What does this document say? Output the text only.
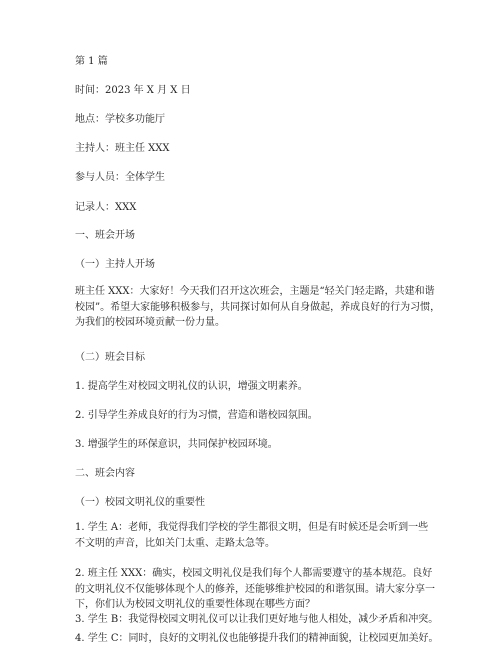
第 1 篇
时间：2023 年 X 月 X 日
地点：学校多功能厅
主持人：班主任 XXX
参与人员：全体学生
记录人：XXX
一、班会开场
（一）主持人开场
班主任 XXX：大家好！今天我们召开这次班会，主题是“轻关门轻走路，共建和谐
校园”。希望大家能够积极参与，共同探讨如何从自身做起，养成良好的行为习惯，
为我们的校园环境贡献一份力量。
（二）班会目标
1. 提高学生对校园文明礼仪的认识，增强文明素养。
2. 引导学生养成良好的行为习惯，营造和谐校园氛围。
3. 增强学生的环保意识，共同保护校园环境。
二、班会内容
（一）校园文明礼仪的重要性
1. 学生 A：老师，我觉得我们学校的学生都很文明，但是有时候还是会听到一些
不文明的声音，比如关门太重、走路太急等。
2. 班主任 XXX：确实，校园文明礼仪是我们每个人都需要遵守的基本规范。良好
的文明礼仪不仅能够体现个人的修养，还能够维护校园的和谐氛围。请大家分享一
下，你们认为校园文明礼仪的重要性体现在哪些方面？
3. 学生 B：我觉得校园文明礼仪可以让我们更好地与他人相处，减少矛盾和冲突。
4. 学生 C：同时，良好的文明礼仪也能够提升我们的精神面貌，让校园更加美好。
